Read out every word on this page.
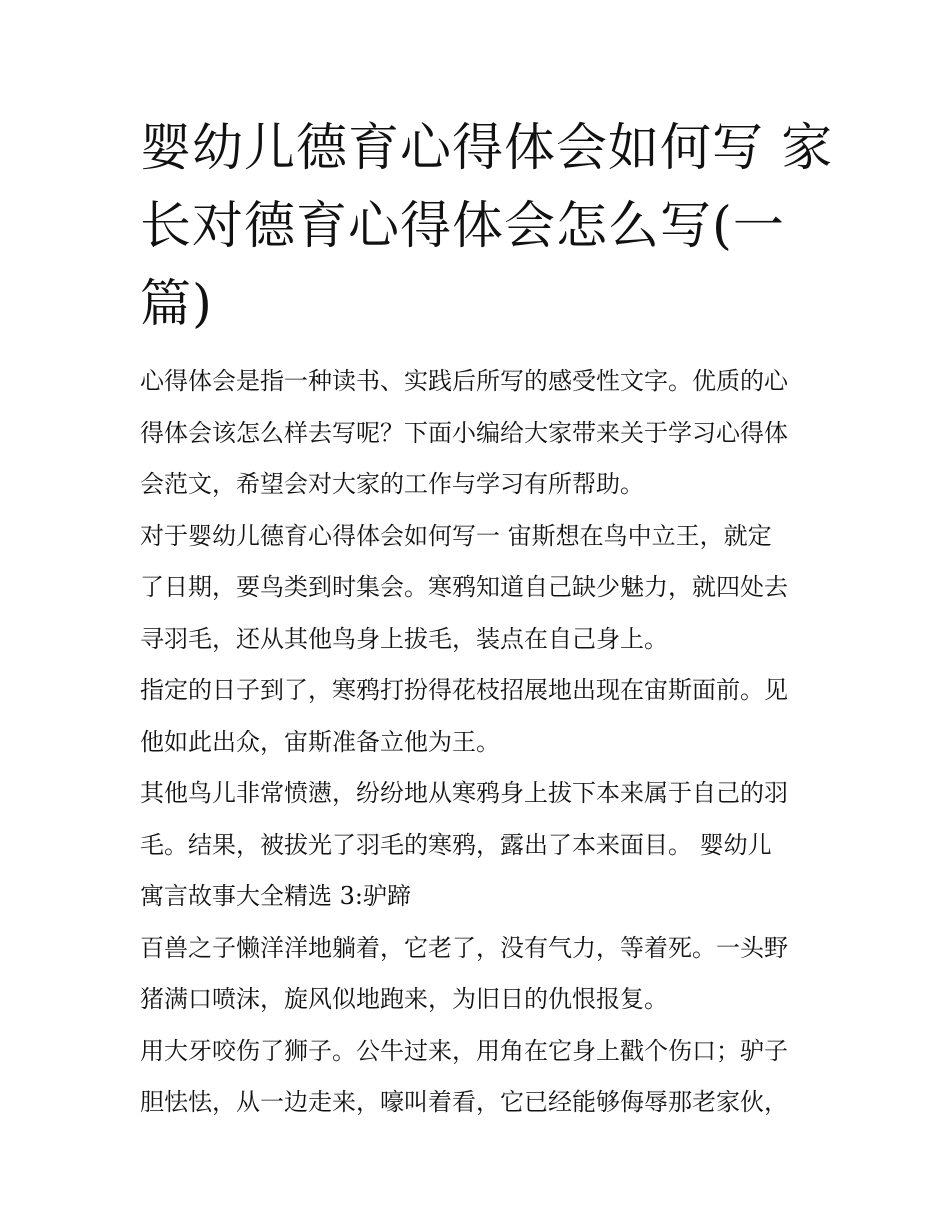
婴幼儿德育心得体会如何写 家
长对德育心得体会怎么写(一
篇)

心得体会是指一种读书、实践后所写的感受性文字。优质的心
得体会该怎么样去写呢？下面小编给大家带来关于学习心得体
会范文，希望会对大家的工作与学习有所帮助。

对于婴幼儿德育心得体会如何写一 宙斯想在鸟中立王，就定
了日期，要鸟类到时集会。寒鸦知道自己缺少魅力，就四处去
寻羽毛，还从其他鸟身上拔毛，装点在自己身上。

指定的日子到了，寒鸦打扮得花枝招展地出现在宙斯面前。见
他如此出众，宙斯准备立他为王。

其他鸟儿非常愤懑，纷纷地从寒鸦身上拔下本来属于自己的羽
毛。结果，被拔光了羽毛的寒鸦，露出了本来面目。 婴幼儿
寓言故事大全精选 3:驴蹄

百兽之子懒洋洋地躺着，它老了，没有气力，等着死。一头野
猪满口喷沫，旋风似地跑来，为旧日的仇恨报复。

用大牙咬伤了狮子。公牛过来，用角在它身上戳个伤口；驴子
胆怯怯，从一边走来，嚎叫着看，它已经能够侮辱那老家伙，
